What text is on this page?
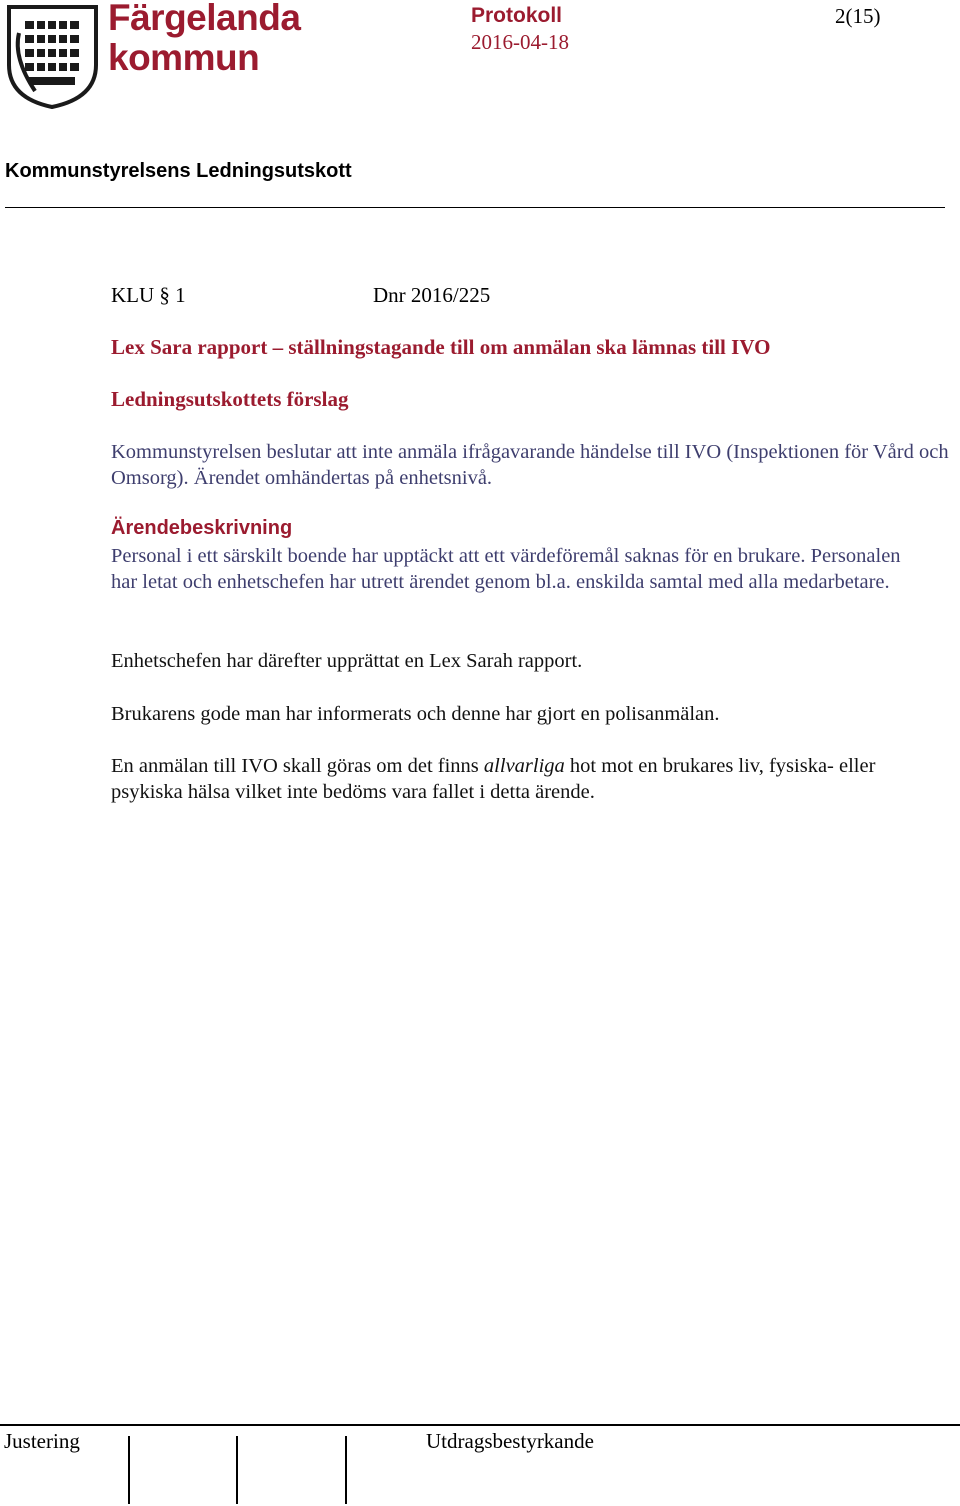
Färgelanda
kommun
Protokoll	2(15)
2016-04-18
Kommunstyrelsens Ledningsutskott
KLU § 1	Dnr 2016/225
Lex Sara rapport – ställningstagande till om anmälan ska lämnas till IVO
Ledningsutskottets förslag
Kommunstyrelsen beslutar att inte anmäla ifrågavarande händelse till IVO (Inspektionen för Vård och Omsorg). Ärendet omhändertas på enhetsnivå.
Ärendebeskrivning
Personal i ett särskilt boende har upptäckt att ett värdeföremål saknas för en brukare. Personalen har letat och enhetschefen har utrett ärendet genom bl.a. enskilda samtal med alla medarbetare.
Enhetschefen har därefter upprättat en Lex Sarah rapport.
Brukarens gode man har informerats och denne har gjort en polisanmälan.
En anmälan till IVO skall göras om det finns allvarliga hot mot en brukares liv, fysiska- eller psykiska hälsa vilket inte bedöms vara fallet i detta ärende.
Justering	Utdragsbestyrkande
